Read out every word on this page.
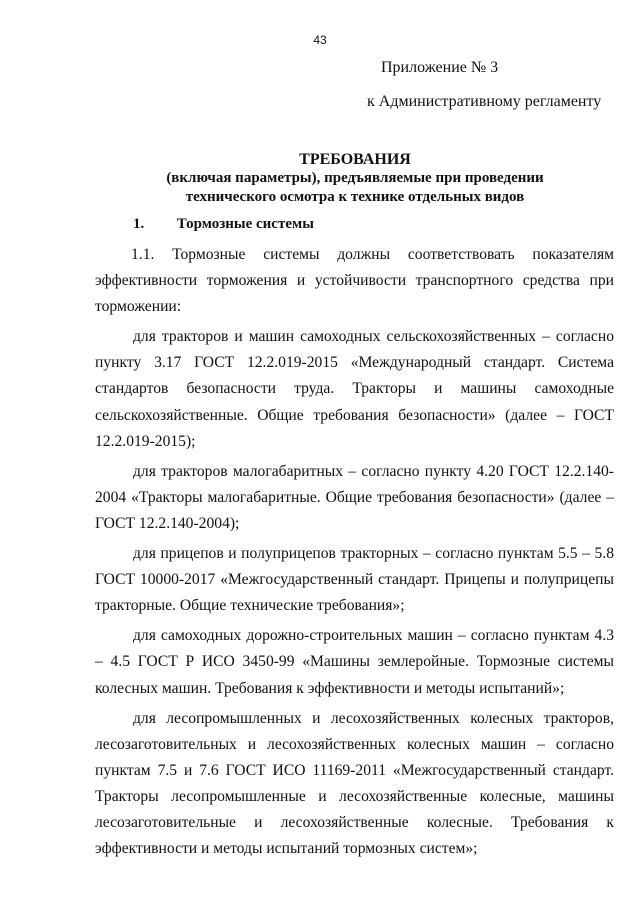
43
Приложение № 3
к Административному регламенту
ТРЕБОВАНИЯ
(включая параметры), предъявляемые при проведении
технического осмотра к технике отдельных видов
1. Тормозные системы

1.1. Тормозные системы должны соответствовать показателям эффективности торможения и устойчивости транспортного средства при торможении:

для тракторов и машин самоходных сельскохозяйственных – согласно пункту 3.17 ГОСТ 12.2.019-2015 «Международный стандарт. Система стандартов безопасности труда. Тракторы и машины самоходные сельскохозяйственные. Общие требования безопасности» (далее – ГОСТ 12.2.019-2015);

для тракторов малогабаритных – согласно пункту 4.20 ГОСТ 12.2.140-2004 «Тракторы малогабаритные. Общие требования безопасности» (далее – ГОСТ 12.2.140-2004);

для прицепов и полуприцепов тракторных – согласно пунктам 5.5 – 5.8 ГОСТ 10000-2017 «Межгосударственный стандарт. Прицепы и полуприцепы тракторные. Общие технические требования»;

для самоходных дорожно-строительных машин – согласно пунктам 4.3 – 4.5 ГОСТ Р ИСО 3450-99 «Машины землеройные. Тормозные системы колесных машин. Требования к эффективности и методы испытаний»;

для лесопромышленных и лесохозяйственных колесных тракторов, лесозаготовительных и лесохозяйственных колесных машин – согласно пунктам 7.5 и 7.6 ГОСТ ИСО 11169-2011 «Межгосударственный стандарт. Тракторы лесопромышленные и лесохозяйственные колесные, машины лесозаготовительные и лесохозяйственные колесные. Требования к эффективности и методы испытаний тормозных систем»;
